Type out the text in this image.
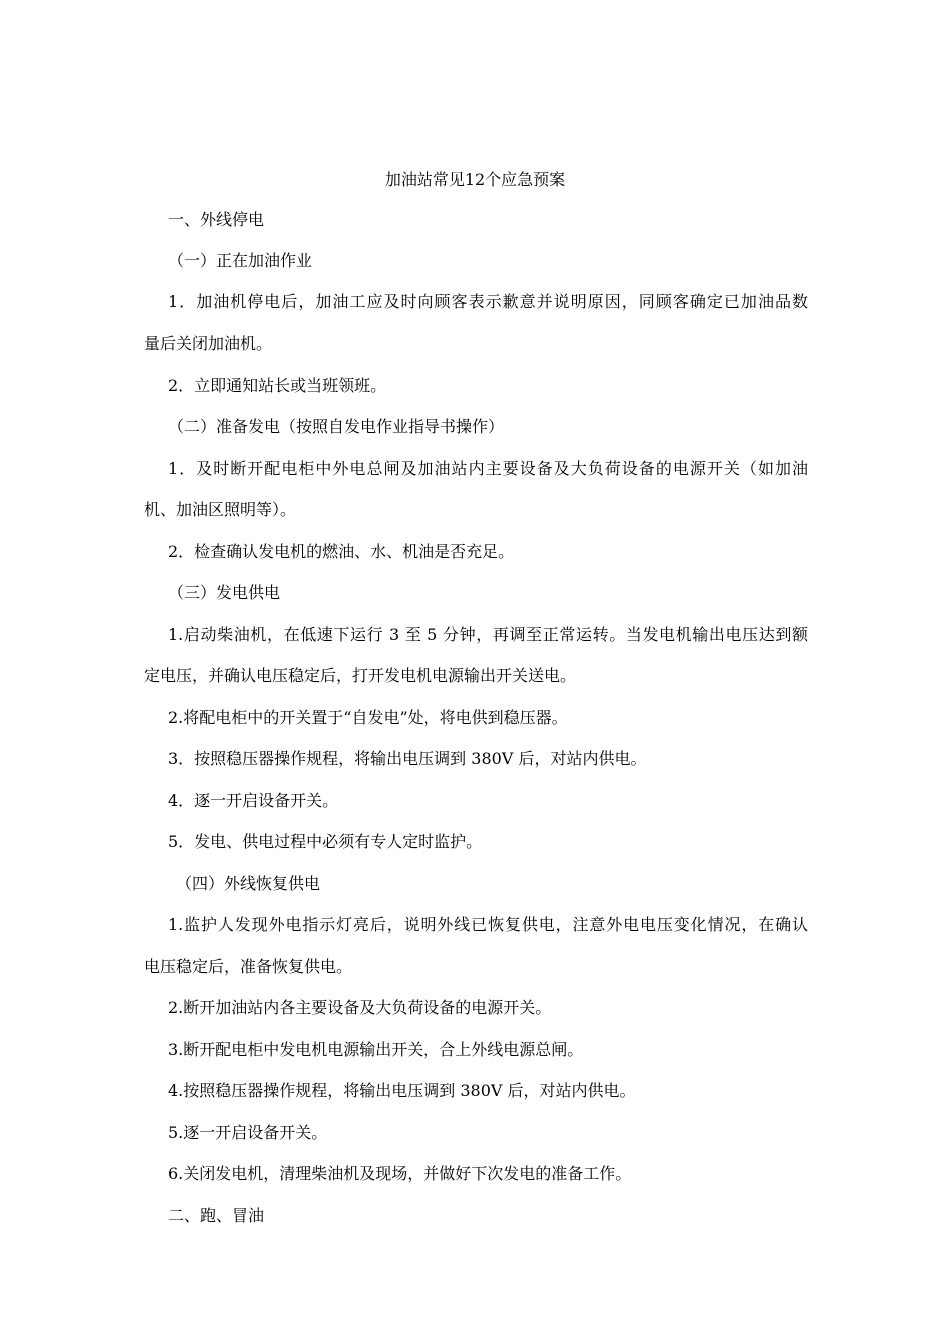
加油站常见12个应急预案
一、外线停电
（一）正在加油作业
1．加油机停电后，加油工应及时向顾客表示歉意并说明原因，同顾客确定已加油品数
量后关闭加油机。
2．立即通知站长或当班领班。
（二）准备发电（按照自发电作业指导书操作）
1．及时断开配电柜中外电总闸及加油站内主要设备及大负荷设备的电源开关（如加油
机、加油区照明等）。
2．检查确认发电机的燃油、水、机油是否充足。
（三）发电供电
1.启动柴油机，在低速下运行 3 至 5 分钟，再调至正常运转。当发电机输出电压达到额
定电压，并确认电压稳定后，打开发电机电源输出开关送电。
2.将配电柜中的开关置于“自发电”处，将电供到稳压器。
3．按照稳压器操作规程，将输出电压调到 380V 后，对站内供电。
4．逐一开启设备开关。
5．发电、供电过程中必须有专人定时监护。
（四）外线恢复供电
1.监护人发现外电指示灯亮后，说明外线已恢复供电，注意外电电压变化情况，在确认
电压稳定后，准备恢复供电。
2.断开加油站内各主要设备及大负荷设备的电源开关。
3.断开配电柜中发电机电源输出开关，合上外线电源总闸。
4.按照稳压器操作规程，将输出电压调到 380V 后，对站内供电。
5.逐一开启设备开关。
6.关闭发电机，清理柴油机及现场，并做好下次发电的准备工作。
二、跑、冒油
